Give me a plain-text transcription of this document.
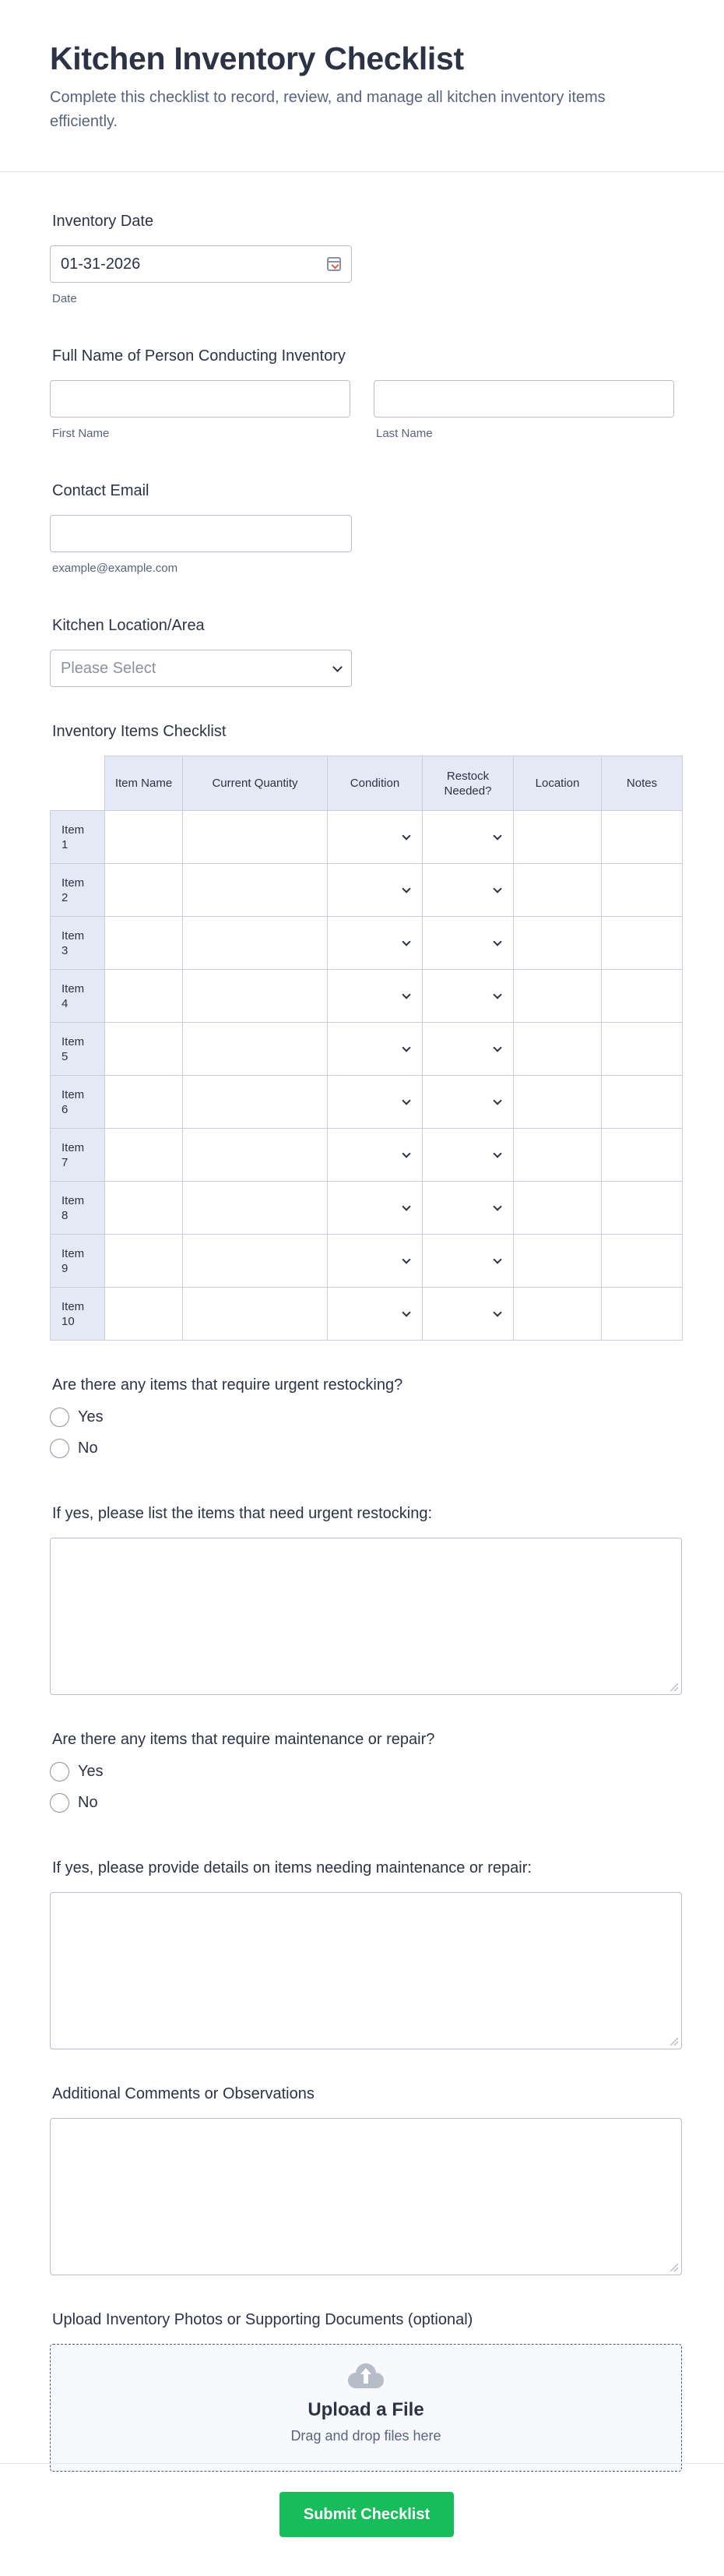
Kitchen Inventory Checklist

Complete this checklist to record, review, and manage all kitchen inventory items efficiently.

Inventory Date
01-31-2026
Date
Full Name of Person Conducting Inventory
First Name	Last Name
Contact Email
example@example.com
Kitchen Location/Area
Please Select
Inventory Items Checklist
	Item Name	Current Quantity	Condition	Restock Needed?	Location	Notes
Item 1			

Item 2			

Item 3			

Item 4			

Item 5			

Item 6			

Item 7			

Item 8			

Item 9			

Item 10			

Are there any items that require urgent restocking?
Yes
No
If yes, please list the items that need urgent restocking:
Are there any items that require maintenance or repair?
Yes
No
If yes, please provide details on items needing maintenance or repair:
Additional Comments or Observations
Upload Inventory Photos or Supporting Documents (optional)
Upload a File
Drag and drop files here
Submit Checklist
